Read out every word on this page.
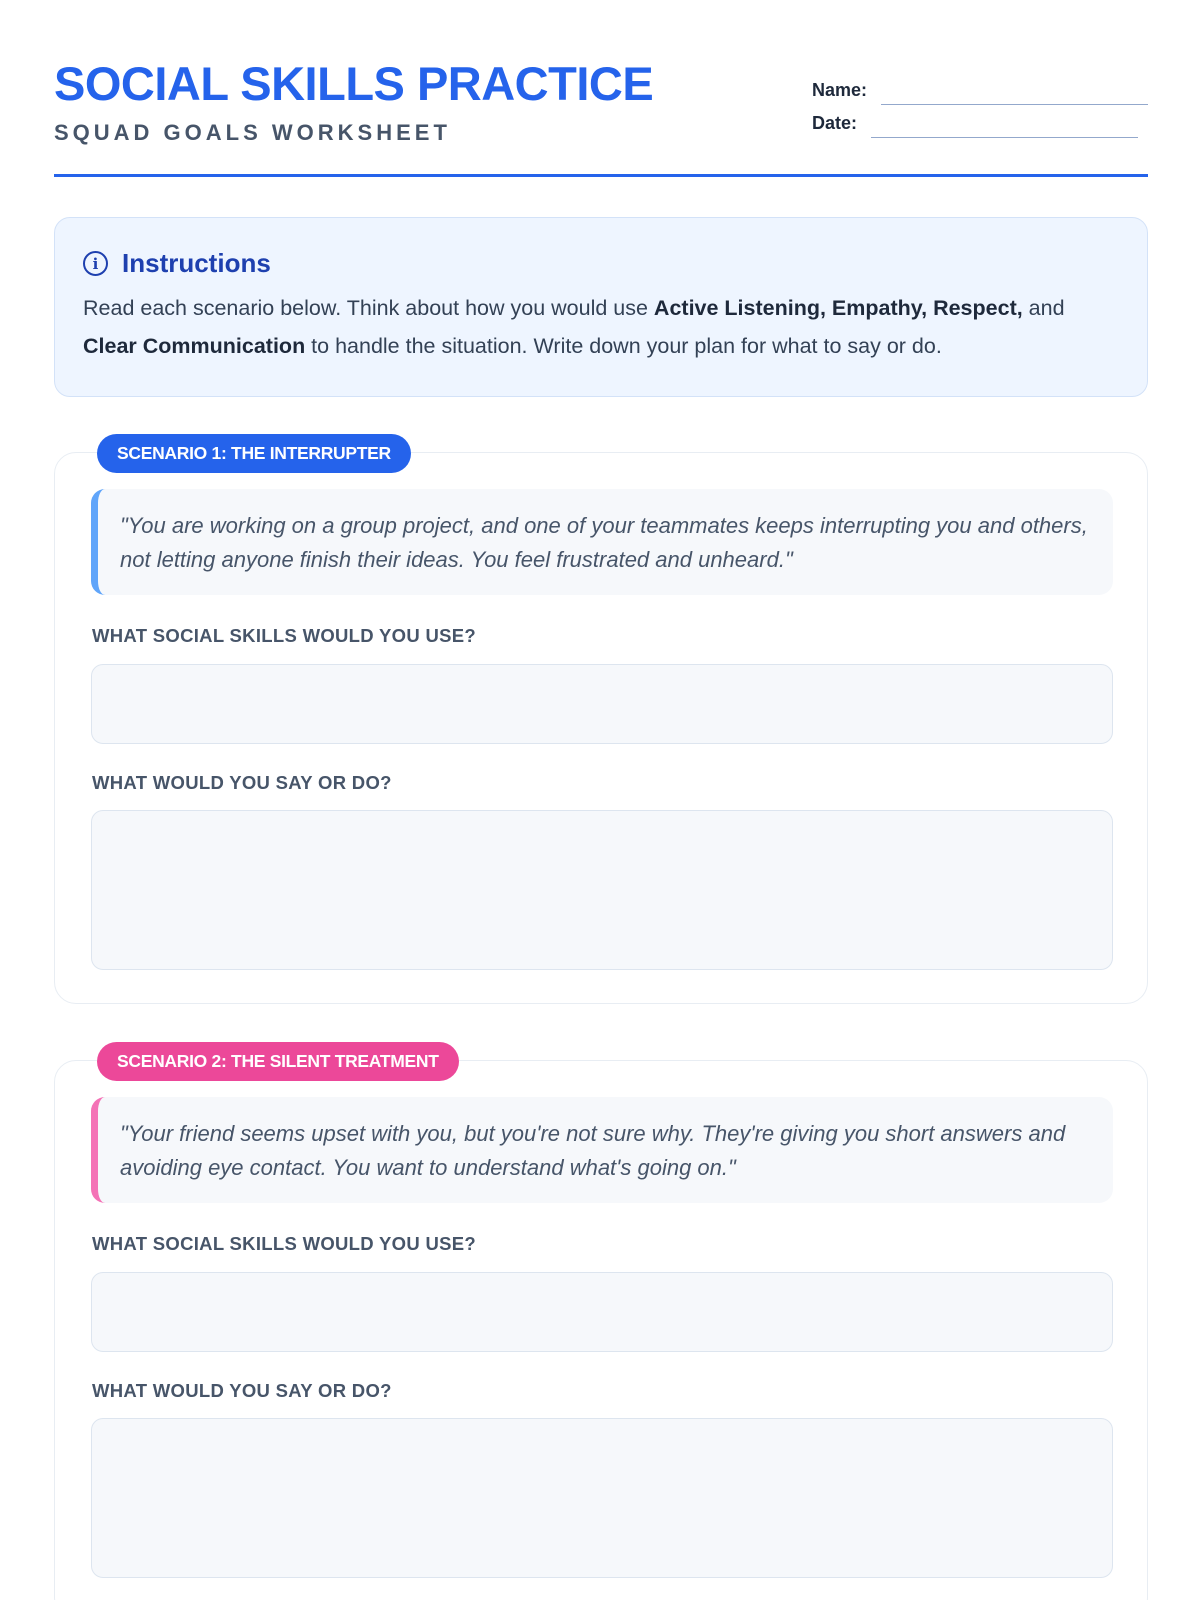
SOCIAL SKILLS PRACTICE
SQUAD GOALS WORKSHEET
Name:
Date:
i Instructions

Read each scenario below. Think about how you would use Active Listening, Empathy, Respect, and Clear Communication to handle the situation. Write down your plan for what to say or do.

"You are working on a group project, and one of your teammates keeps interrupting you and others, not letting anyone finish their ideas. You feel frustrated and unheard."
WHAT SOCIAL SKILLS WOULD YOU USE?
WHAT WOULD YOU SAY OR DO?
SCENARIO 1: THE INTERRUPTER
"Your friend seems upset with you, but you're not sure why. They're giving you short answers and avoiding eye contact. You want to understand what's going on."
WHAT SOCIAL SKILLS WOULD YOU USE?
WHAT WOULD YOU SAY OR DO?
SCENARIO 2: THE SILENT TREATMENT
